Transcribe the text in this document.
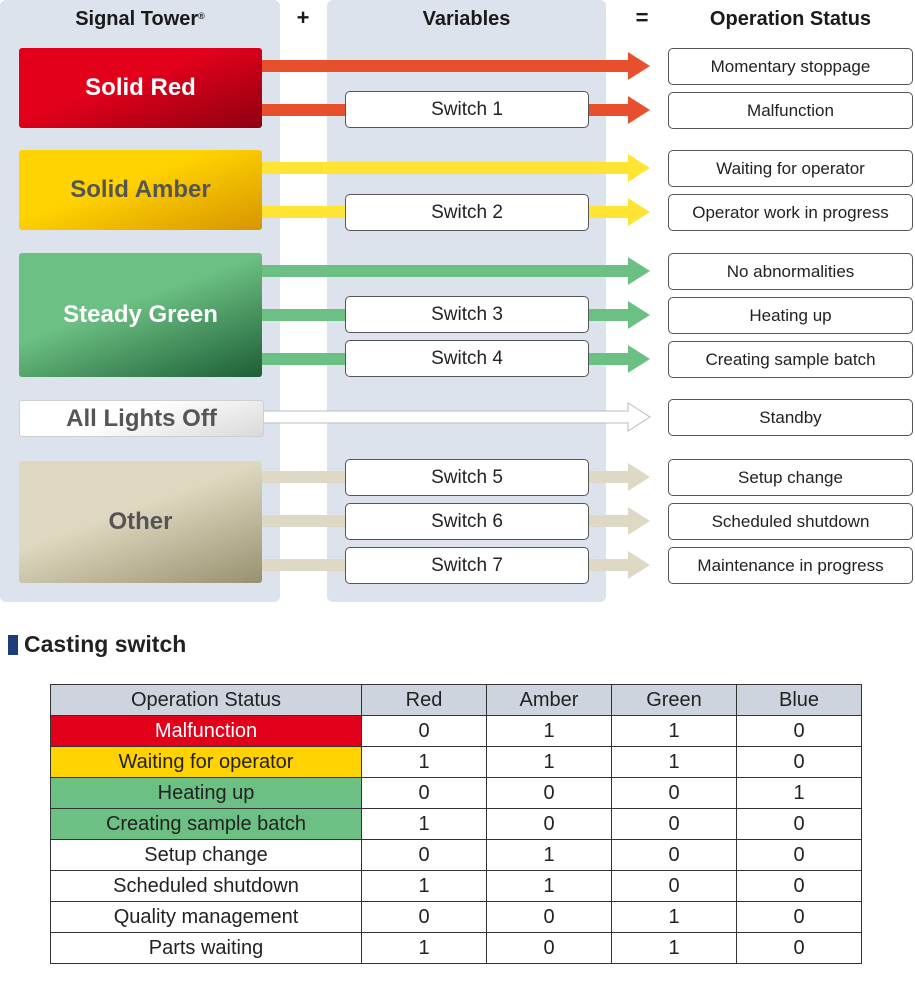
Signal Tower®	+	Variables	=	Operation Status
Solid Red
Solid Amber
Steady Green
All Lights Off
Other
Switch 1
Switch 2
Switch 3
Switch 4
Switch 5
Switch 6
Switch 7
Momentary stoppage
Malfunction
Waiting for operator
Operator work in progress
No abnormalities
Heating up
Creating sample batch
Standby
Setup change
Scheduled shutdown
Maintenance in progress
Casting switch
Operation Status	Red	Amber	Green	Blue
Malfunction	0	1	1	0
Waiting for operator	1	1	1	0
Heating up	0	0	0	1
Creating sample batch	1	0	0	0
Setup change	0	1	0	0
Scheduled shutdown	1	1	0	0
Quality management	0	0	1	0
Parts waiting	1	0	1	0
